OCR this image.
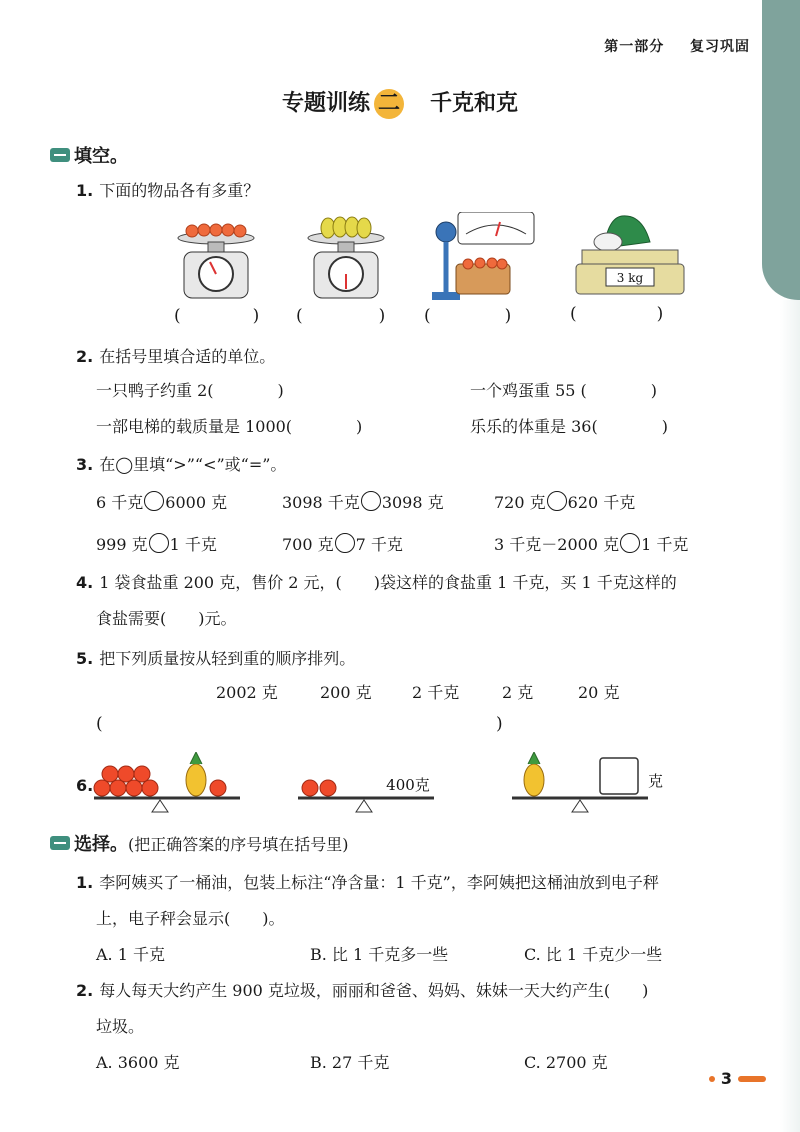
第一部分 复习巩固
专题训练 二 千克和克
填空。
1. 下面的物品各有多重？
3 kg
(	) (	) (	)	(	)
2. 在括号里填合适的单位。
一只鸭子约重 2(　　　　)	一个鸡蛋重 55 (　　　　)
一部电梯的载质量是 1000(　　　　)	乐乐的体重是 36(　　　　)
3. 在◯里填“>”“<”或“=”。
6 千克 6000 克	3098 千克 3098 克	720 克 620 千克
999 克 1 千克	700 克 7 千克	3 千克－2000 克 1 千克
4. 1 袋食盐重 200 克，售价 2 元，(　　)袋这样的食盐重 1 千克，买 1 千克这样的
食盐需要(　　)元。
5. 把下列质量按从轻到重的顺序排列。
2002 克	200 克	2 千克	2 克	20 克
(	)
6.	400克	克
选择。 (把正确答案的序号填在括号里)
1. 李阿姨买了一桶油，包装上标注“净含量：1 千克”，李阿姨把这桶油放到电子秤
上，电子秤会显示(　　)。
A. 1 千克	B. 比 1 千克多一些	C. 比 1 千克少一些
2. 每人每天大约产生 900 克垃圾，丽丽和爸爸、妈妈、妹妹一天大约产生(　　)
垃圾。
A. 3600 克	B. 27 千克	C. 2700 克
3
